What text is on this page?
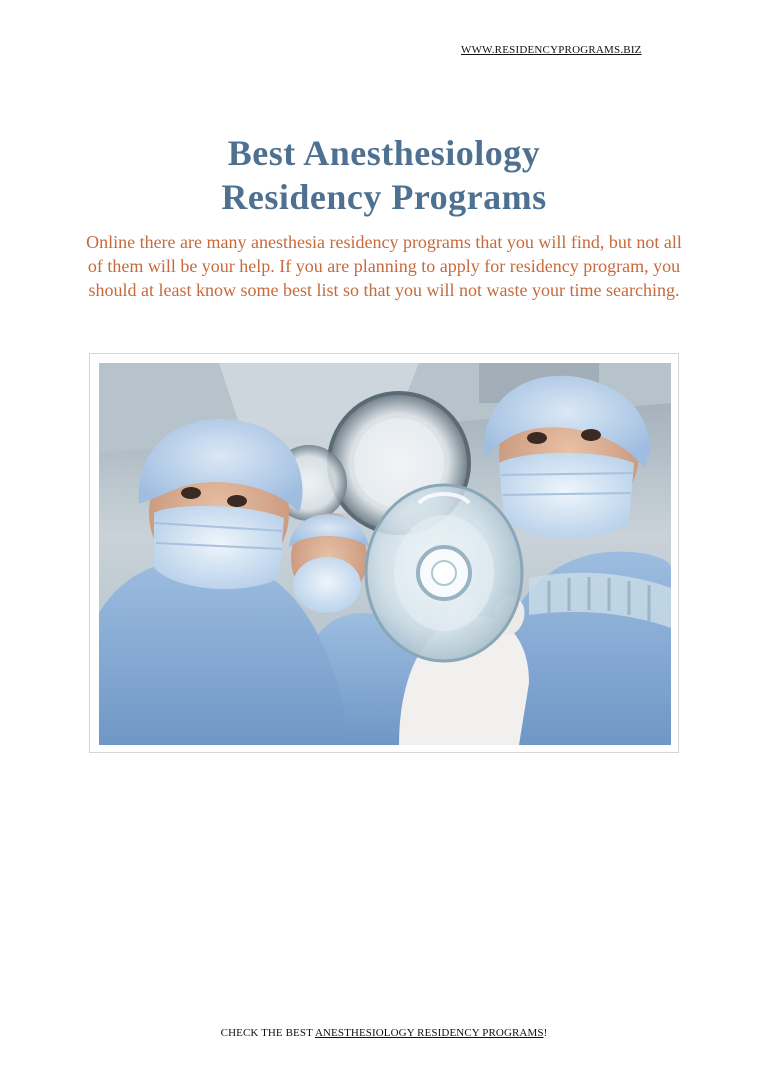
WWW.RESIDENCYPROGRAMS.BIZ
Best Anesthesiology
Residency Programs

Online there are many anesthesia residency programs that you will find, but not all of them will be your help. If you are planning to apply for residency program, you should at least know some best list so that you will not waste your time searching.

CHECK THE BEST ANESTHESIOLOGY RESIDENCY PROGRAMS!
